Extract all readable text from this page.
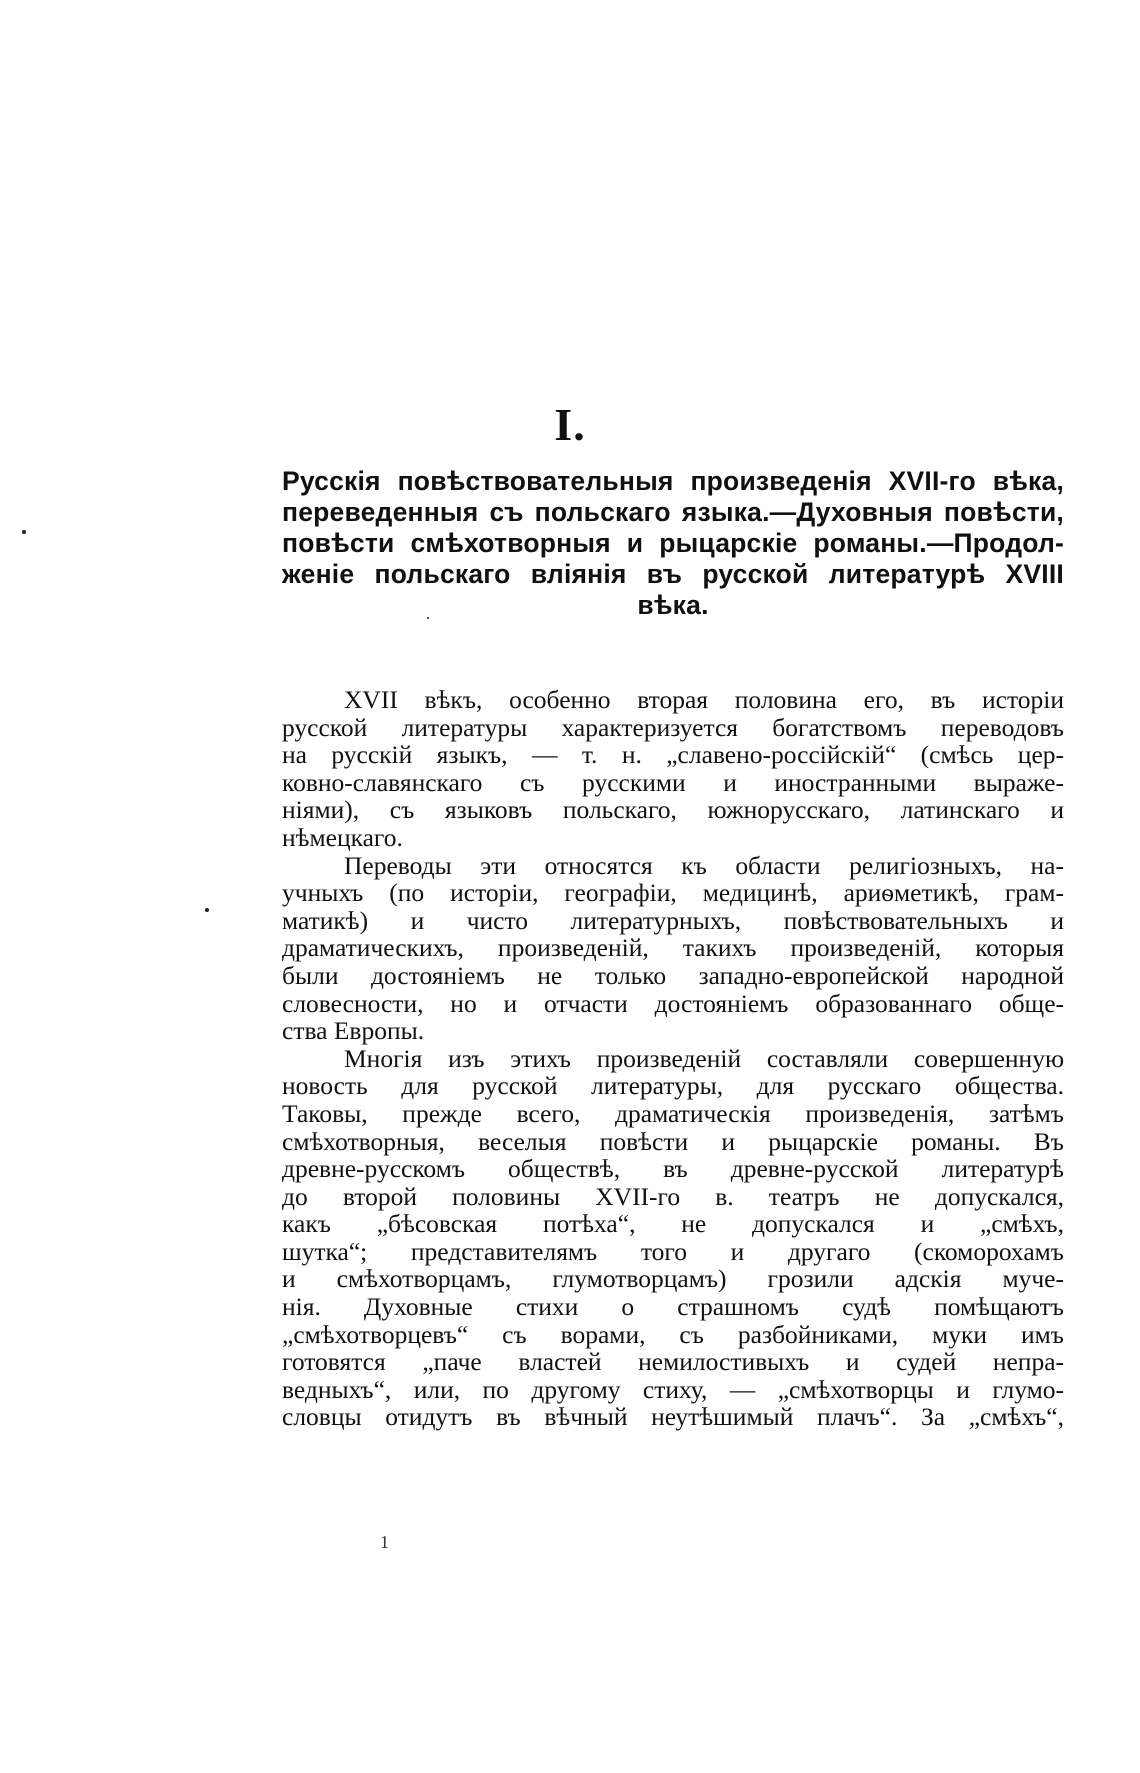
I.
Русскія повѣствовательныя произведенія XVII-го вѣка,
переведенныя съ польскаго языка.—Духовныя повѣсти,
повѣсти смѣхотворныя и рыцарскіе романы.—Продол-
женіе польскаго вліянія въ русской литературѣ XVIII
вѣка.
XVII вѣкъ, особенно вторая половина его, въ исторіи
русской литературы характеризуется богатствомъ переводовъ
на русскій языкъ, — т. н. „славено-россійскій“ (смѣсь цер-
ковно-славянскаго съ русскими и иностранными выраже-
ніями), съ языковъ польскаго, южнорусскаго, латинскаго и
нѣмецкаго.
Переводы эти относятся къ области религіозныхъ, на-
учныхъ (по исторіи, географіи, медицинѣ, ариѳметикѣ, грам-
матикѣ) и чисто литературныхъ, повѣствовательныхъ и
драматическихъ, произведеній, такихъ произведеній, которыя
были достояніемъ не только западно-европейской народной
словесности, но и отчасти достояніемъ образованнаго обще-
ства Европы.
Многія изъ этихъ произведеній составляли совершенную
новость для русской литературы, для русскаго общества.
Таковы, прежде всего, драматическія произведенія, затѣмъ
смѣхотворныя, веселыя повѣсти и рыцарскіе романы. Въ
древне-русскомъ обществѣ, въ древне-русской литературѣ
до второй половины XVII-го в. театръ не допускался,
какъ „бѣсовская потѣха“, не допускался и „смѣхъ,
шутка“; представителямъ того и другаго (скоморохамъ
и смѣхотворцамъ, глумотворцамъ) грозили адскія муче-
нія. Духовные стихи о страшномъ судѣ помѣщаютъ
„смѣхотворцевъ“ съ ворами, съ разбойниками, муки имъ
готовятся „паче властей немилостивыхъ и судей непра-
ведныхъ“, или, по другому стиху, — „смѣхотворцы и глумо-
словцы отидутъ въ вѣчный неутѣшимый плачъ“. За „смѣхъ“,
1
